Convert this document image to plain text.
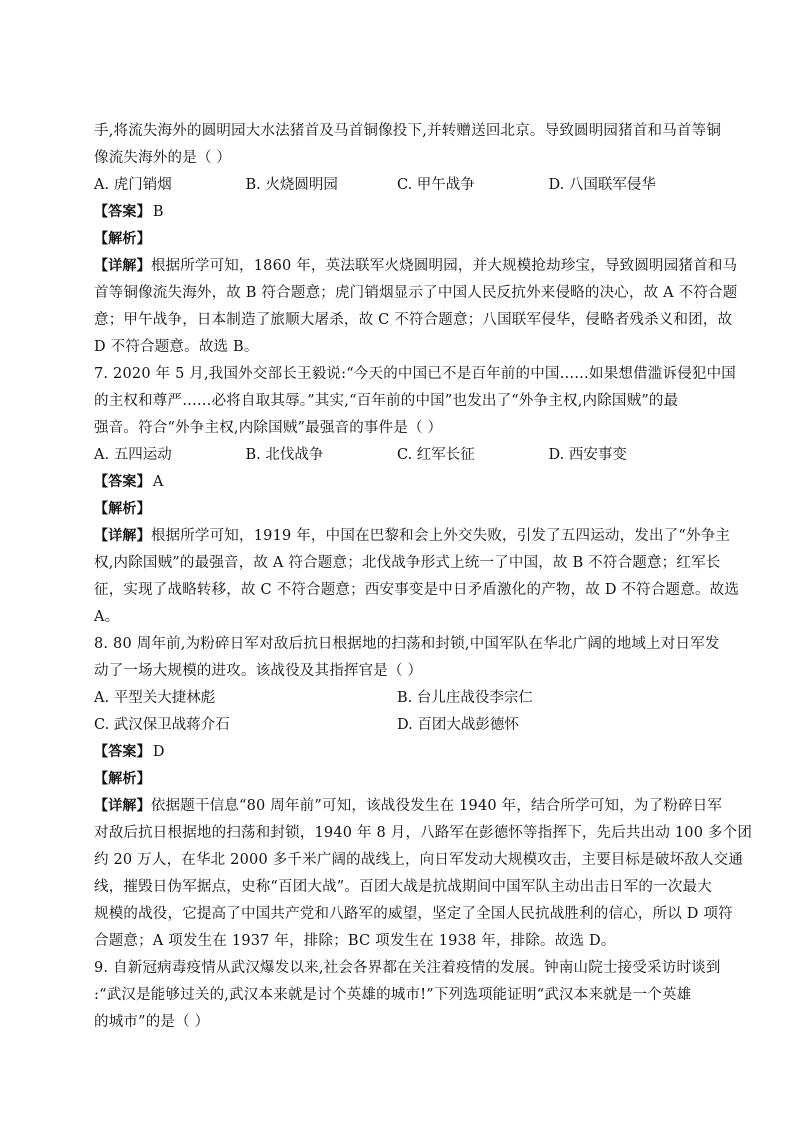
手,将流失海外的圆明园大水法猪首及马首铜像投下,并转赠送回北京。导致圆明园猪首和马首等铜
像流失海外的是（ ）
A. 虎门销烟	B. 火烧圆明园	C. 甲午战争	D. 八国联军侵华
【答案】 B
【解析】
【详解】根据所学可知，1860 年，英法联军火烧圆明园，并大规模抢劫珍宝，导致圆明园猪首和马
首等铜像流失海外，故 B 符合题意；虎门销烟显示了中国人民反抗外来侵略的决心，故 A 不符合题
意；甲午战争，日本制造了旅顺大屠杀，故 C 不符合题意；八国联军侵华，侵略者残杀义和团，故
D 不符合题意。故选 B。
7. 2020 年 5 月,我国外交部长王毅说:“今天的中国已不是百年前的中国……如果想借滥诉侵犯中国
的主权和尊严……必将自取其辱。”其实,“百年前的中国”也发出了“外争主权,内除国贼”的最
强音。符合“外争主权,内除国贼”最强音的事件是（ ）
A. 五四运动	B. 北伐战争	C. 红军长征	D. 西安事变
【答案】 A
【解析】
【详解】根据所学可知，1919 年，中国在巴黎和会上外交失败，引发了五四运动，发出了“外争主
权,内除国贼”的最强音，故 A 符合题意；北伐战争形式上统一了中国，故 B 不符合题意；红军长
征，实现了战略转移，故 C 不符合题意；西安事变是中日矛盾激化的产物，故 D 不符合题意。故选
A。
8. 80 周年前,为粉碎日军对敌后抗日根据地的扫荡和封锁,中国军队在华北广阔的地域上对日军发
动了一场大规模的进攻。该战役及其指挥官是（ ）
A. 平型关大捷林彪	B. 台儿庄战役李宗仁
C. 武汉保卫战蒋介石	D. 百团大战彭德怀
【答案】 D
【解析】
【详解】依据题干信息“80 周年前”可知，该战役发生在 1940 年，结合所学可知，为了粉碎日军
对敌后抗日根据地的扫荡和封锁，1940 年 8 月，八路军在彭德怀等指挥下，先后共出动 100 多个团
约 20 万人，在华北 2000 多千米广阔的战线上，向日军发动大规模攻击，主要目标是破坏敌人交通
线，摧毁日伪军据点，史称“百团大战”。百团大战是抗战期间中国军队主动出击日军的一次最大
规模的战役，它提高了中国共产党和八路军的威望，坚定了全国人民抗战胜利的信心，所以 D 项符
合题意；A 项发生在 1937 年，排除；BC 项发生在 1938 年，排除。故选 D。
9. 自新冠病毒疫情从武汉爆发以来,社会各界都在关注着疫情的发展。钟南山院士接受采访时谈到
:“武汉是能够过关的,武汉本来就是讨个英雄的城市!”下列选项能证明“武汉本来就是一个英雄
的城市”的是（ ）
